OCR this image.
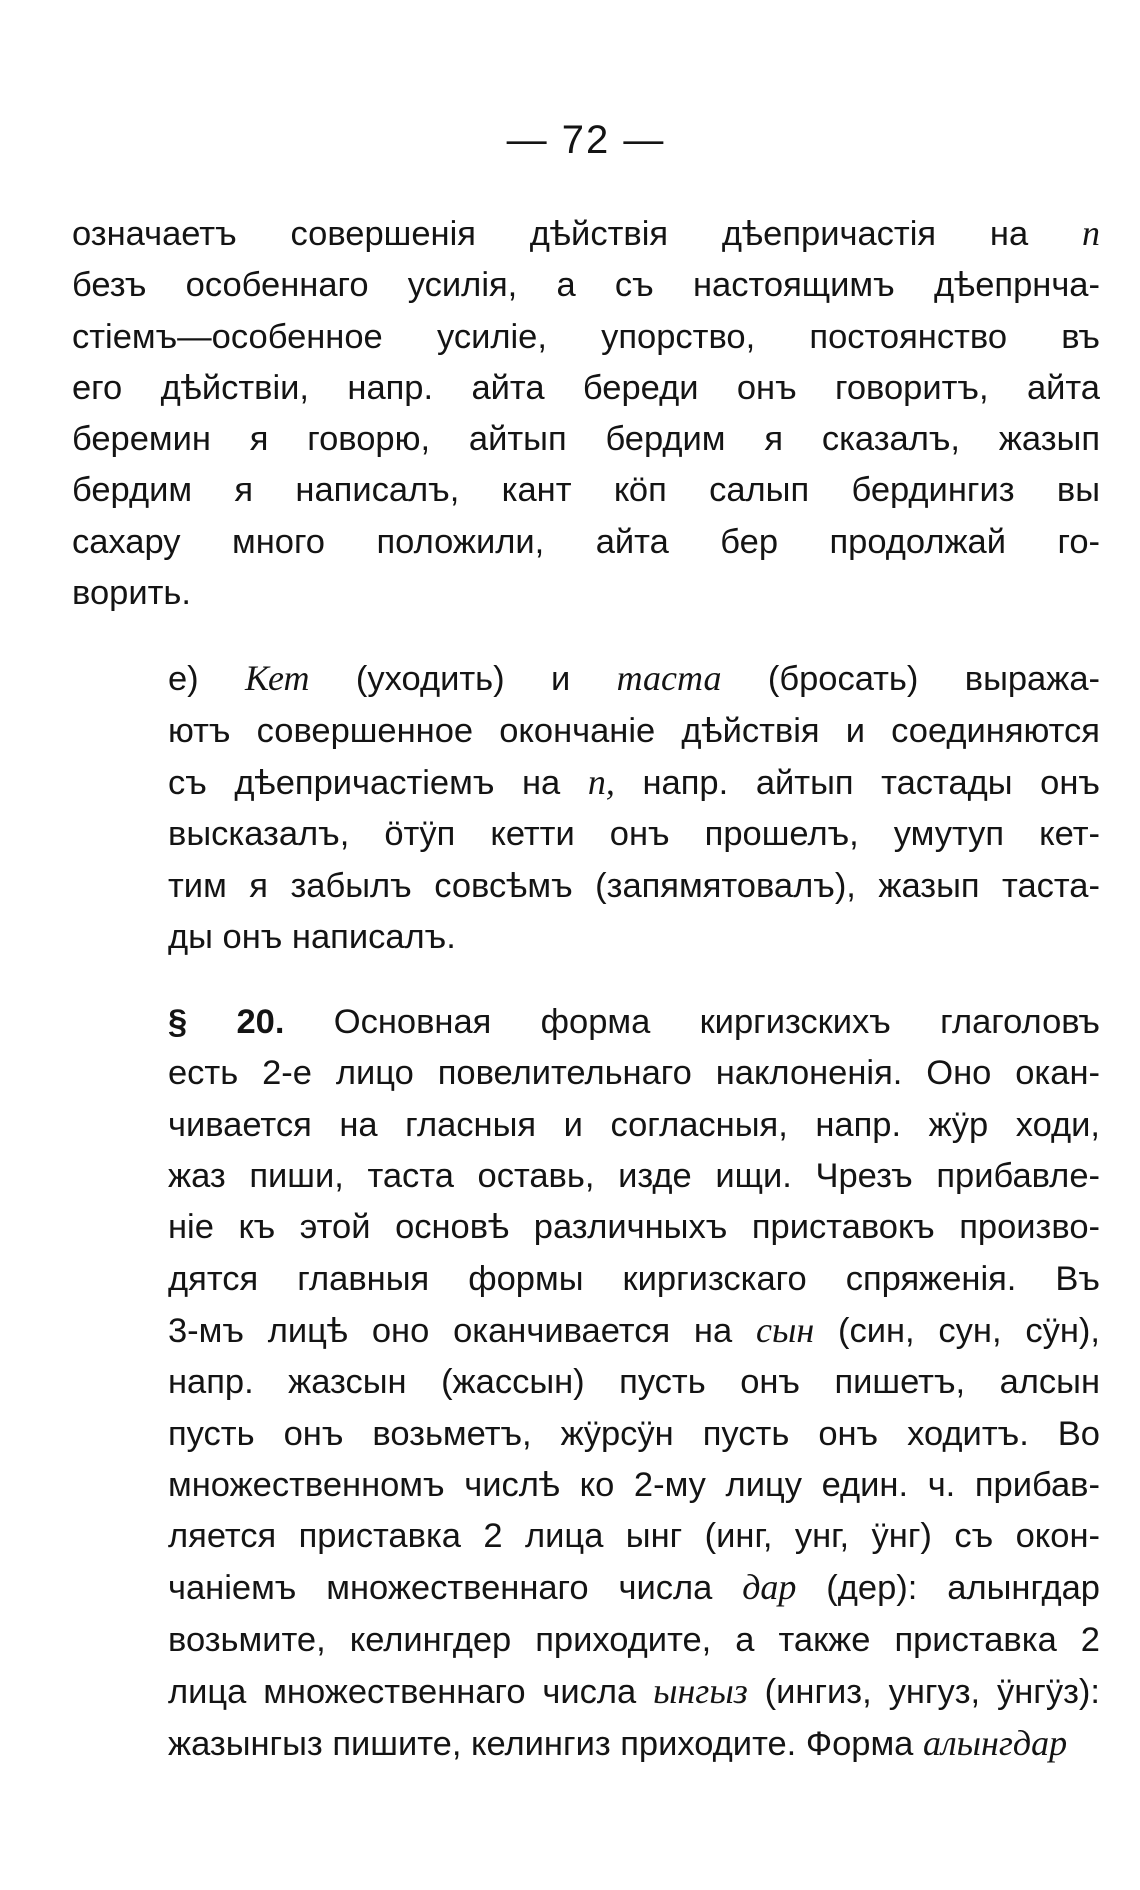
— 72 —
означаетъ совершенія дѣйствія дѣепричастія на п
безъ особеннаго усилія, а съ настоящимъ дѣепрнча-
стіемъ—особенное усиліе, упорство, постоянство въ
его дѣйствіи, напр. айта береди онъ говоритъ, айта
беремин я говорю, айтып бердим я сказалъ, жазып
бердим я написалъ, кант кöп салып бердингиз вы
сахару много положили, айта бер продолжай го-
ворить.
е) Кет (уходить) и таста (бросать) выража-
ютъ совершенное окончаніе дѣйствія и соединяются
съ дѣепричастіемъ на п, напр. айтып тастады онъ
высказалъ, öтӱп кетти онъ прошелъ, умутуп кет-
тим я забылъ совсѣмъ (запямятовалъ), жазып таста-
ды онъ написалъ.
§ 20. Основная форма киргизскихъ глаголовъ
есть 2-е лицо повелительнаго наклоненія. Оно окан-
чивается на гласныя и согласныя, напр. жӱр ходи,
жаз пиши, таста оставь, изде ищи. Чрезъ прибавле-
ніе къ этой основѣ различныхъ приставокъ произво-
дятся главныя формы киргизскаго спряженія. Въ
3-мъ лицѣ оно оканчивается на сын (син, сун, сӱн),
напр. жазсын (жассын) пусть онъ пишетъ, алсын
пусть онъ возьметъ, жӱрсӱн пусть онъ ходитъ. Во
множественномъ числѣ ко 2-му лицу един. ч. прибав-
ляется приставка 2 лица ынг (инг, унг, ӱнг) съ окон-
чаніемъ множественнаго числа дар (дер): алынгдар
возьмите, келингдер приходите, а также приставка 2
лица множественнаго числа ынгыз (ингиз, унгуз, ӱнгӱз):
жазынгыз пишите, келингиз приходите. Форма алынгдар
